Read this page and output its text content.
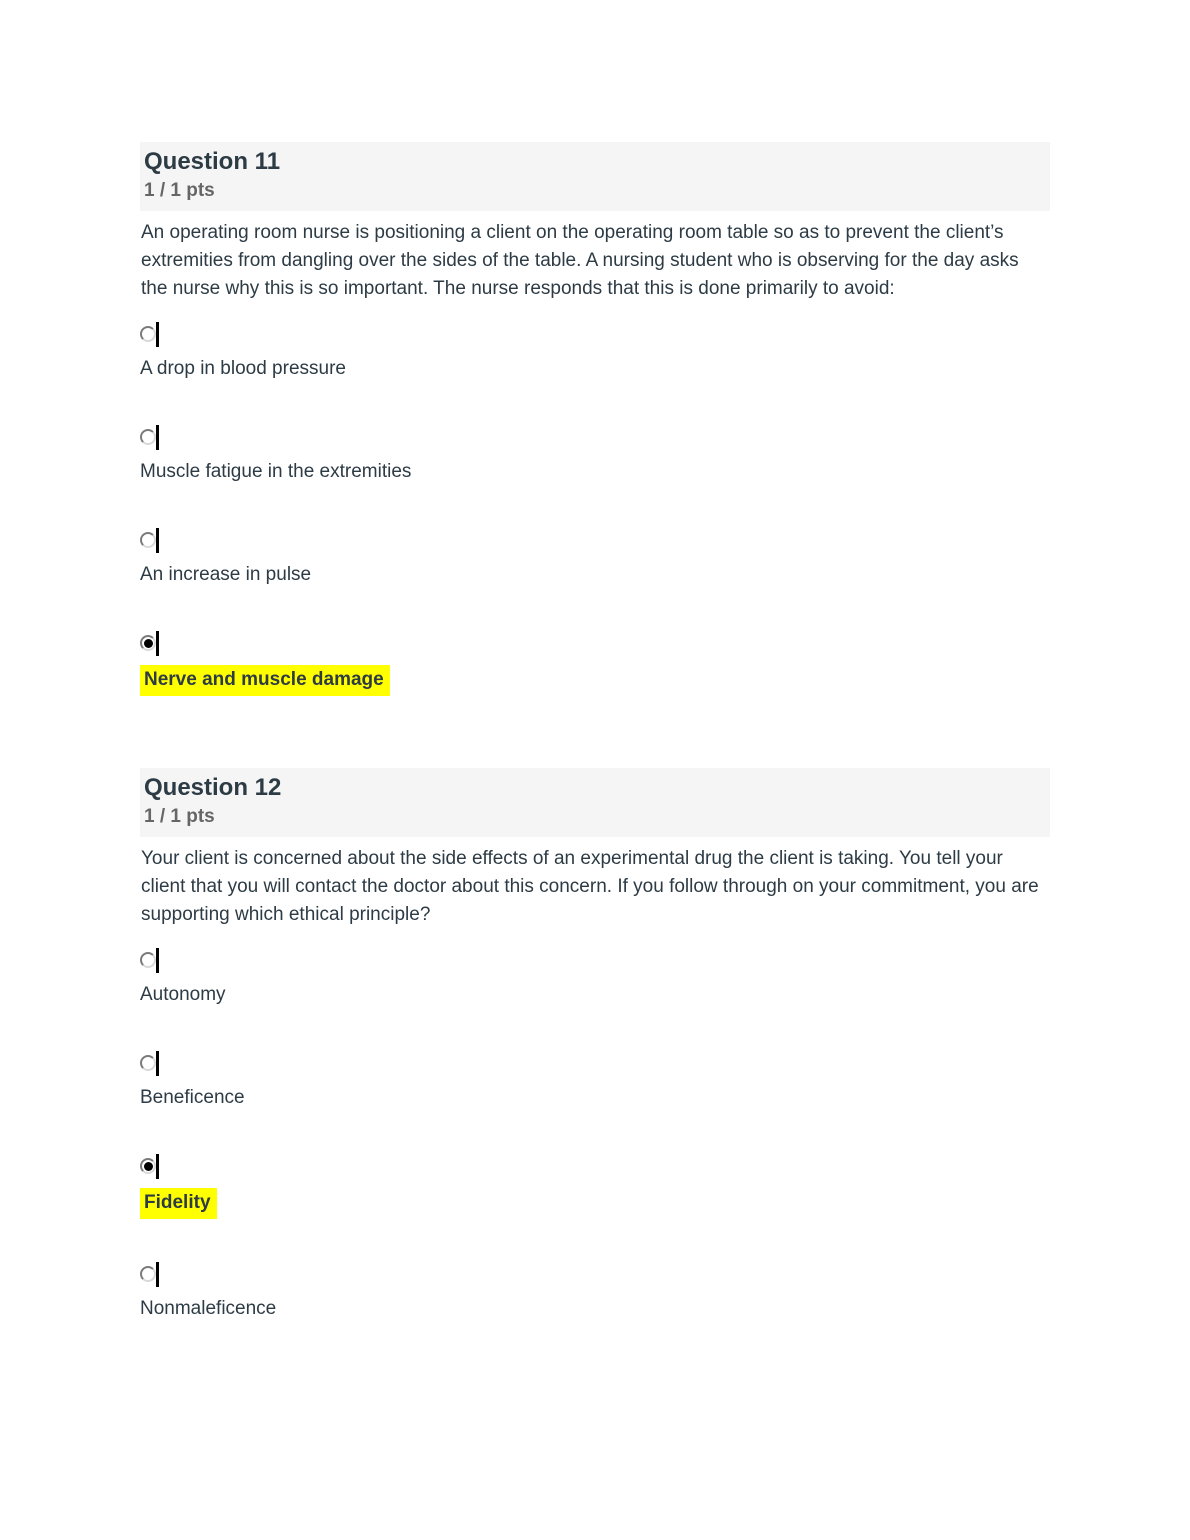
Question 11
1 / 1 pts

An operating room nurse is positioning a client on the operating room table so as to prevent the client’s extremities from dangling over the sides of the table. A nursing student who is observing for the day asks the nurse why this is so important. The nurse responds that this is done primarily to avoid:

A drop in blood pressure
Muscle fatigue in the extremities
An increase in pulse
Nerve and muscle damage
Question 12
1 / 1 pts

Your client is concerned about the side effects of an experimental drug the client is taking. You tell your client that you will contact the doctor about this concern. If you follow through on your commitment, you are supporting which ethical principle?

Autonomy
Beneficence
Fidelity
Nonmaleficence
